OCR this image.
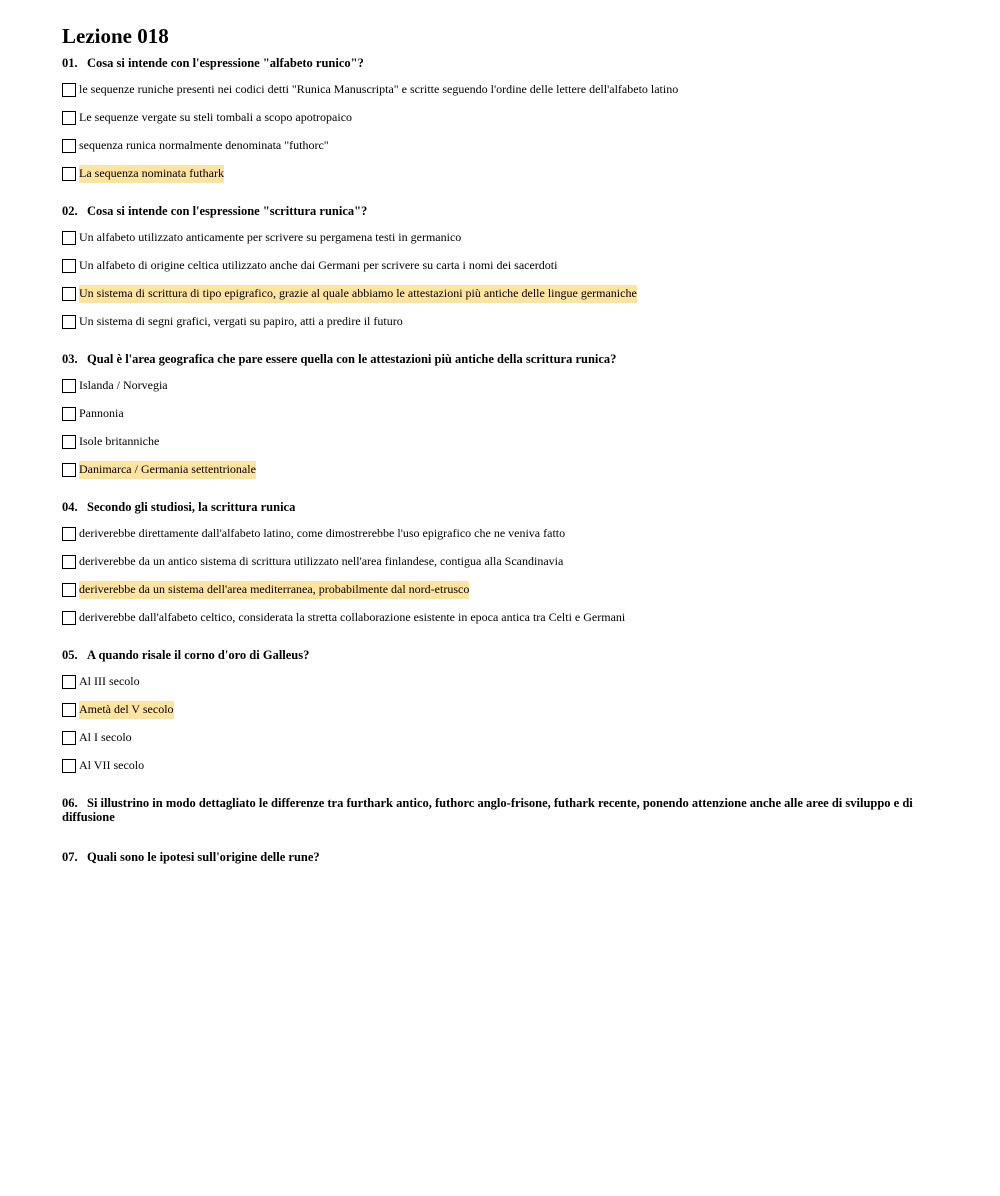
Lezione 018
01. Cosa si intende con l'espressione "alfabeto runico"?
le sequenze runiche presenti nei codici detti "Runica Manuscripta" e scritte seguendo l'ordine delle lettere dell'alfabeto latino
Le sequenze vergate su steli tombali a scopo apotropaico
sequenza runica normalmente denominata "futhorc"
La sequenza nominata futhark
02. Cosa si intende con l'espressione "scrittura runica"?
Un alfabeto utilizzato anticamente per scrivere su pergamena testi in germanico
Un alfabeto di origine celtica utilizzato anche dai Germani per scrivere su carta i nomi dei sacerdoti
Un sistema di scrittura di tipo epigrafico, grazie al quale abbiamo le attestazioni più antiche delle lingue germaniche
Un sistema di segni grafici, vergati su papiro, atti a predire il futuro
03. Qual è l'area geografica che pare essere quella con le attestazioni più antiche della scrittura runica?
Islanda / Norvegia
Pannonia
Isole britanniche
Danimarca / Germania settentrionale
04. Secondo gli studiosi, la scrittura runica
deriverebbe direttamente dall'alfabeto latino, come dimostrerebbe l'uso epigrafico che ne veniva fatto
deriverebbe da un antico sistema di scrittura utilizzato nell'area finlandese, contigua alla Scandinavia
deriverebbe da un sistema dell'area mediterranea, probabilmente dal nord-etrusco
deriverebbe dall'alfabeto celtico, considerata la stretta collaborazione esistente in epoca antica tra Celti e Germani
05. A quando risale il corno d'oro di Galleus?
Al III secolo
Ametà del V secolo
Al I secolo
Al VII secolo
06. Si illustrino in modo dettagliato le differenze tra furthark antico, futhorc anglo-frisone, futhark recente, ponendo attenzione anche alle aree di sviluppo e di diffusione
07. Quali sono le ipotesi sull'origine delle rune?
